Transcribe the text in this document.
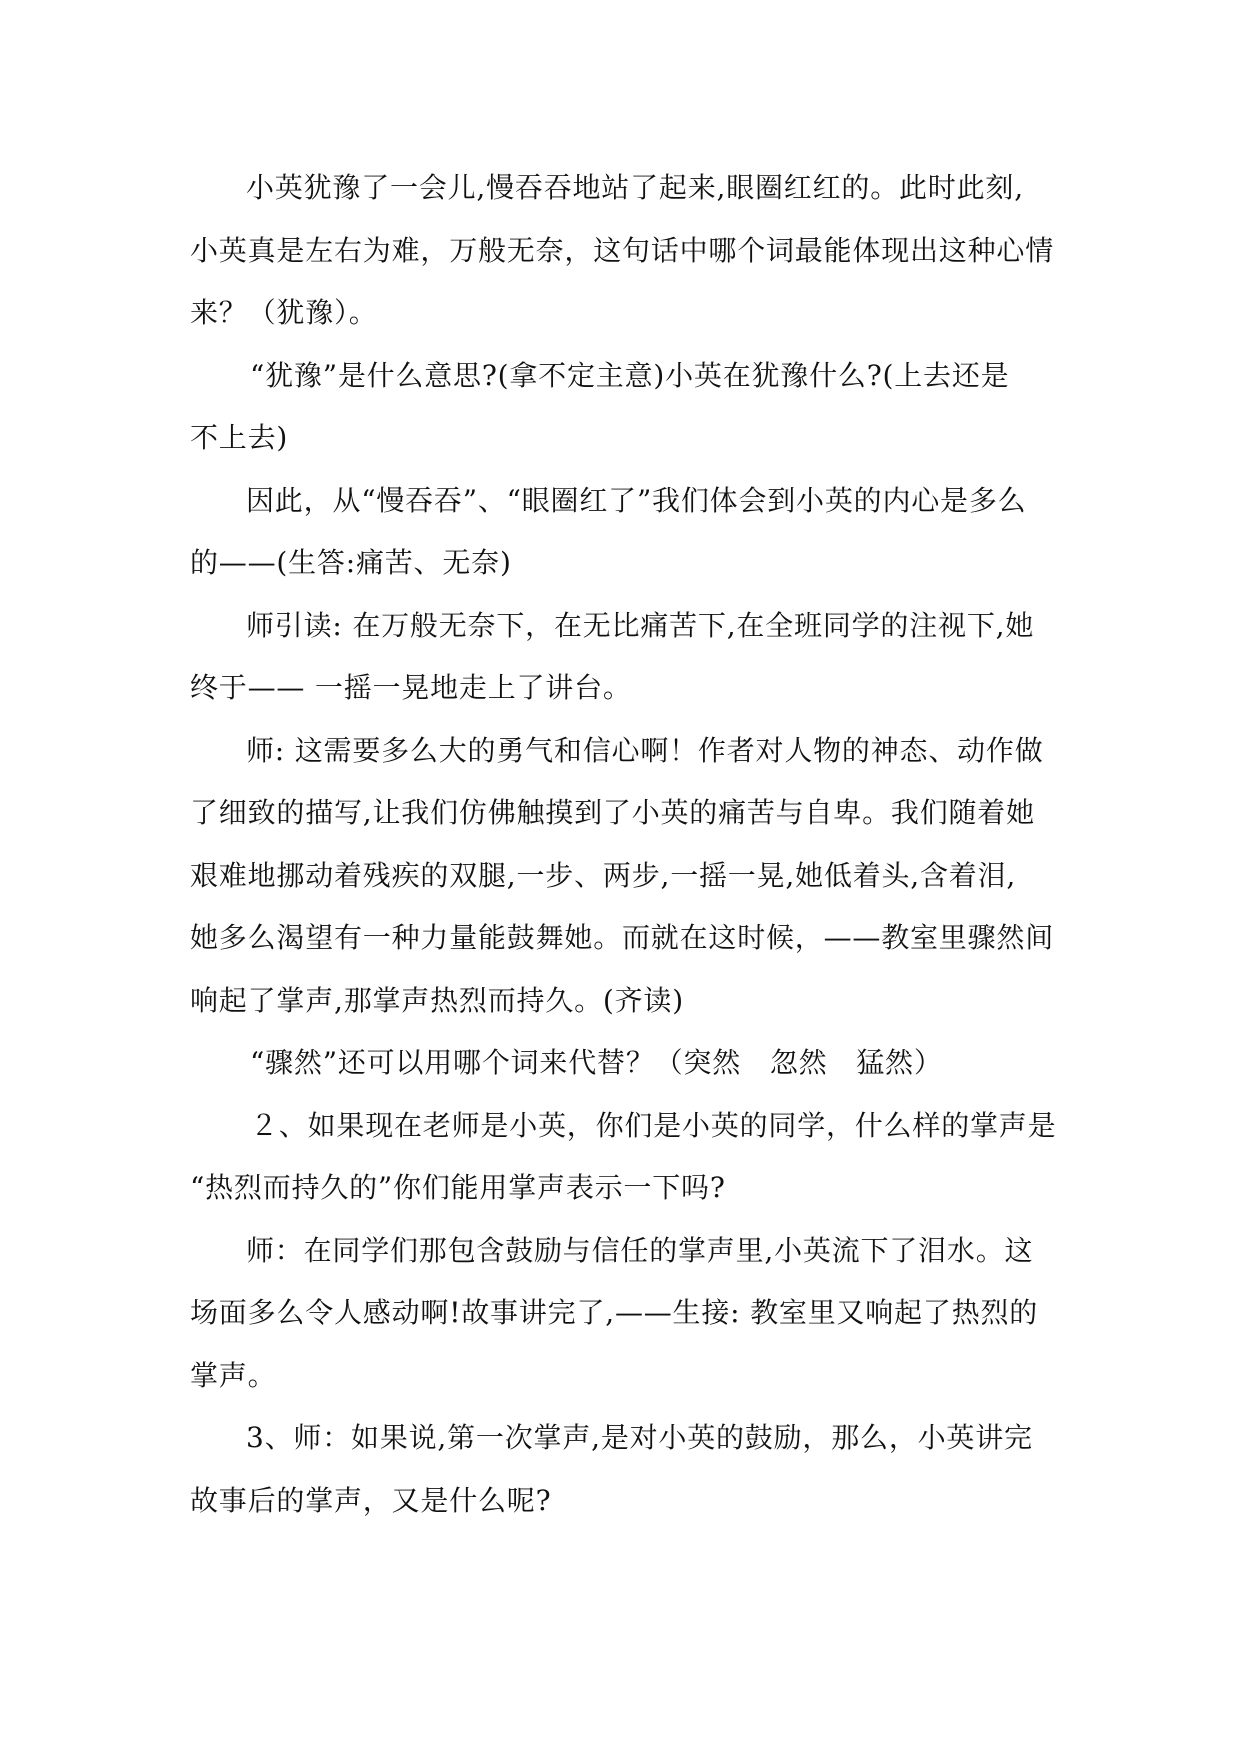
小英犹豫了一会儿,慢吞吞地站了起来,眼圈红红的。此时此刻,
小英真是左右为难，万般无奈，这句话中哪个词最能体现出这种心情
来？（犹豫）。

“犹豫”是什么意思?(拿不定主意)小英在犹豫什么?(上去还是
不上去)

因此，从“慢吞吞”、“眼圈红了”我们体会到小英的内心是多么
的——(生答:痛苦、无奈)

师引读: 在万般无奈下，在无比痛苦下,在全班同学的注视下,她
终于—— 一摇一晃地走上了讲台。

师: 这需要多么大的勇气和信心啊！作者对人物的神态、动作做
了细致的描写,让我们仿佛触摸到了小英的痛苦与自卑。我们随着她
艰难地挪动着残疾的双腿,一步、两步,一摇一晃,她低着头,含着泪,
她多么渴望有一种力量能鼓舞她。而就在这时候，——教室里骤然间
响起了掌声,那掌声热烈而持久。(齐读)

“骤然”还可以用哪个词来代替？（突然　忽然　猛然）

２、如果现在老师是小英，你们是小英的同学，什么样的掌声是
“热烈而持久的”你们能用掌声表示一下吗?

师：在同学们那包含鼓励与信任的掌声里,小英流下了泪水。这
场面多么令人感动啊!故事讲完了,——生接: 教室里又响起了热烈的
掌声。

3、师：如果说,第一次掌声,是对小英的鼓励，那么，小英讲完
故事后的掌声，又是什么呢?
